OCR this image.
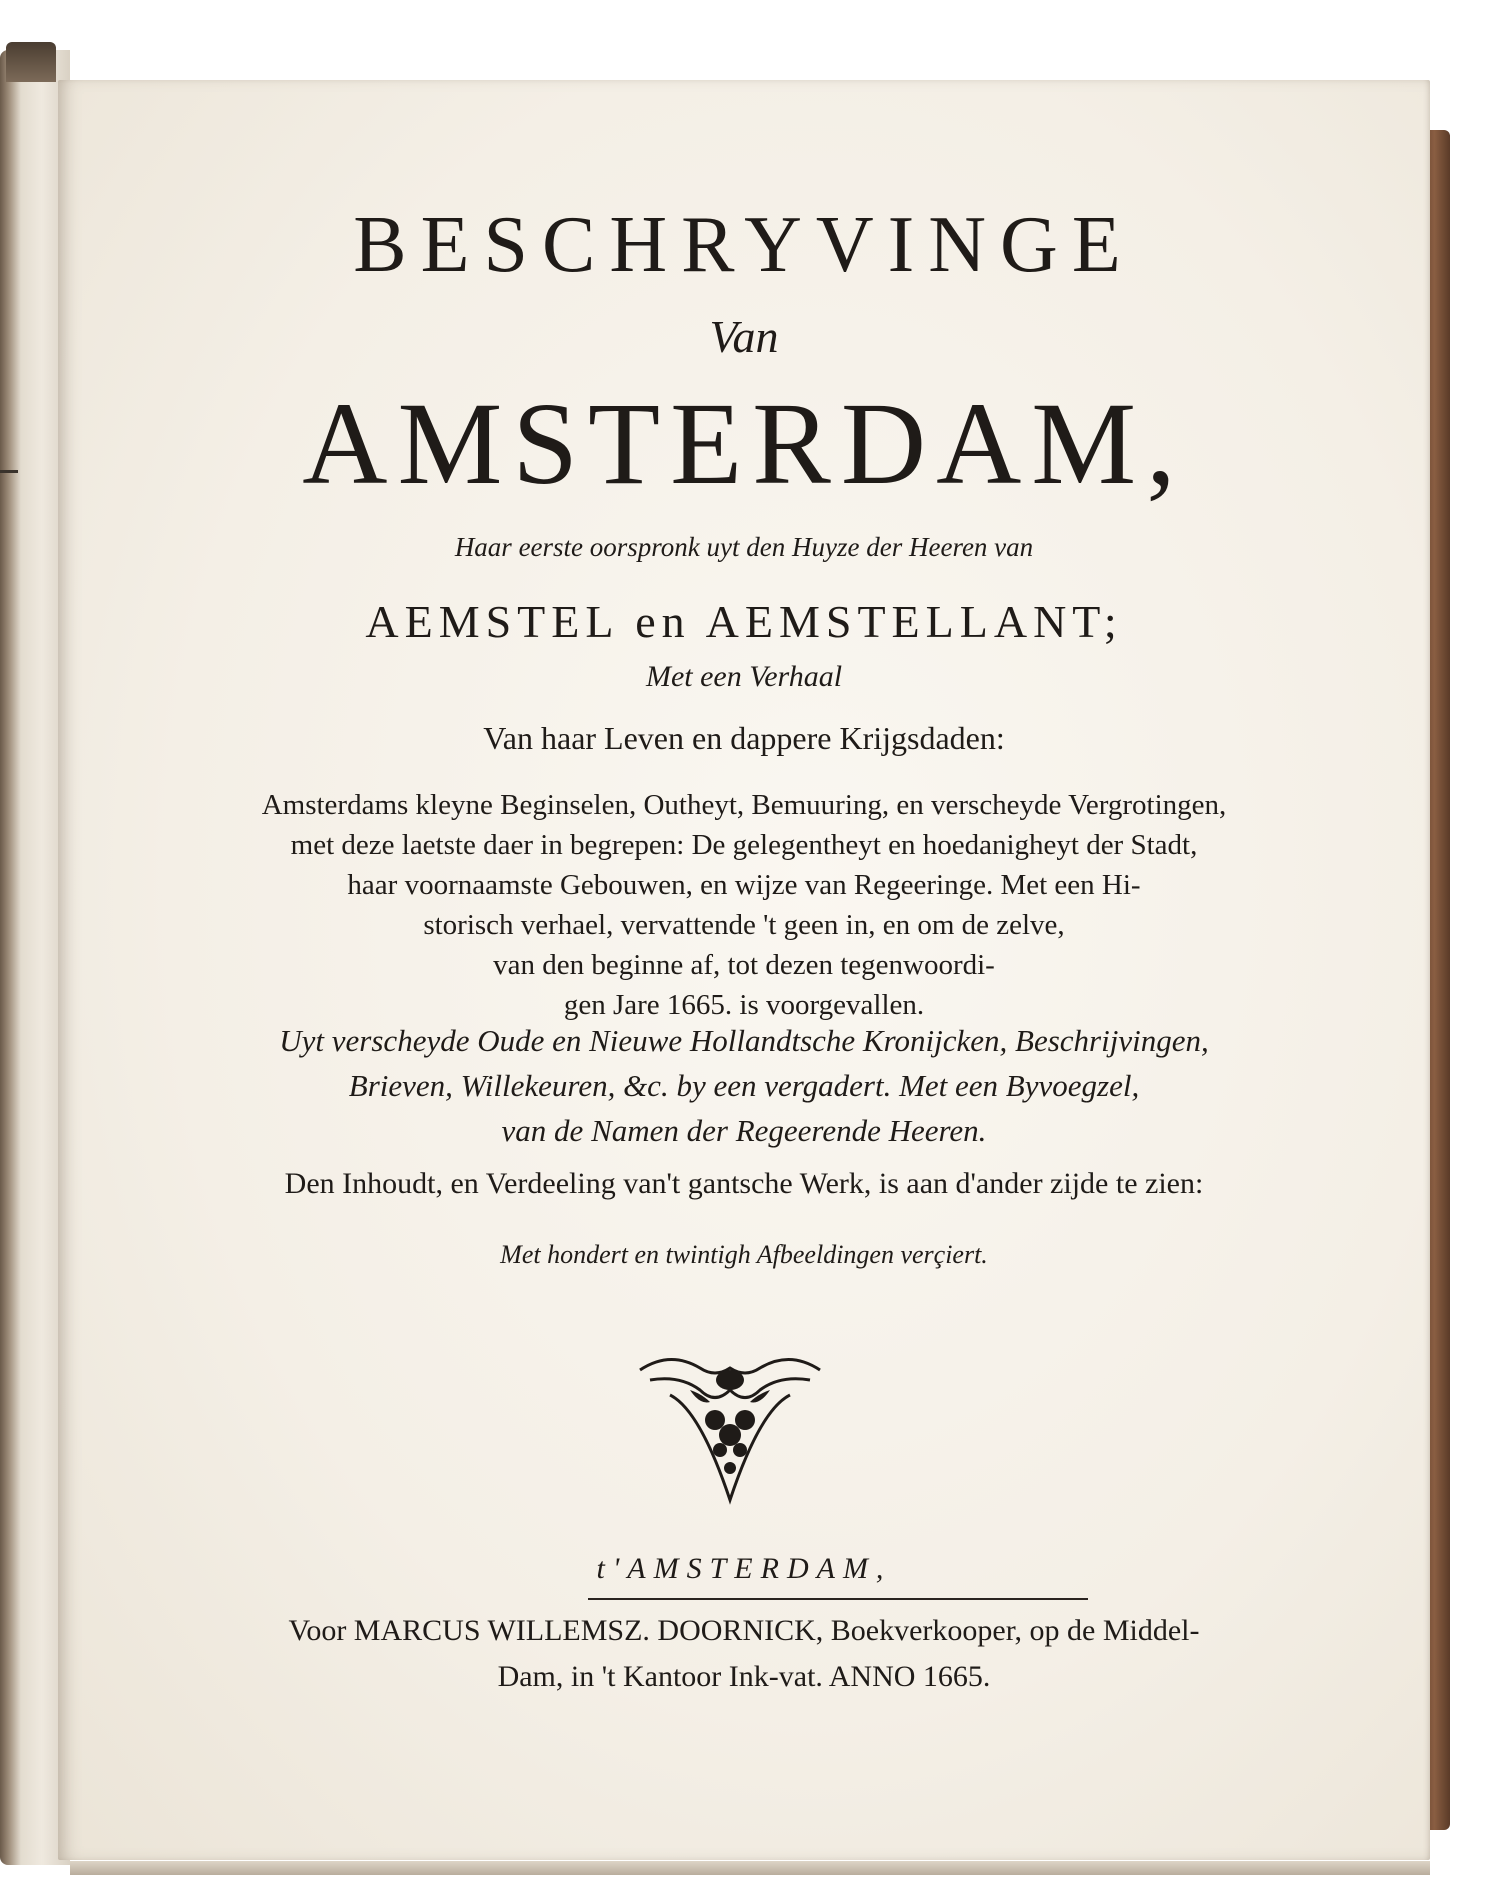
BESCHRYVINGE
Van
AMSTERDAM,
Haar eerste oorspronk uyt den Huyze der Heeren van
AEMSTEL en AEMSTELLANT;
Met een Verhaal
Van haar Leven en dappere Krijgsdaden:
Amsterdams kleyne Beginselen, Outheyt, Bemuuring, en verscheyde Vergrotingen,
met deze laetste daer in begrepen: De gelegentheyt en hoedanigheyt der Stadt,
haar voornaamste Gebouwen, en wijze van Regeeringe. Met een Hi-
storisch verhael, vervattende 't geen in, en om de zelve,
van den beginne af, tot dezen tegenwoordi-
gen Jare 1665. is voorgevallen.
Uyt verscheyde Oude en Nieuwe Hollandtsche Kronijcken, Beschrijvingen,
Brieven, Willekeuren, &c. by een vergadert. Met een Byvoegzel,
van de Namen der Regeerende Heeren.
Den Inhoudt, en Verdeeling van't gantsche Werk, is aan d'ander zijde te zien:
Met hondert en twintigh Afbeeldingen verçiert.
t'AMSTERDAM,
Voor MARCUS WILLEMSZ. DOORNICK, Boekverkooper, op de Middel-
Dam, in 't Kantoor Ink-vat. ANNO 1665.
